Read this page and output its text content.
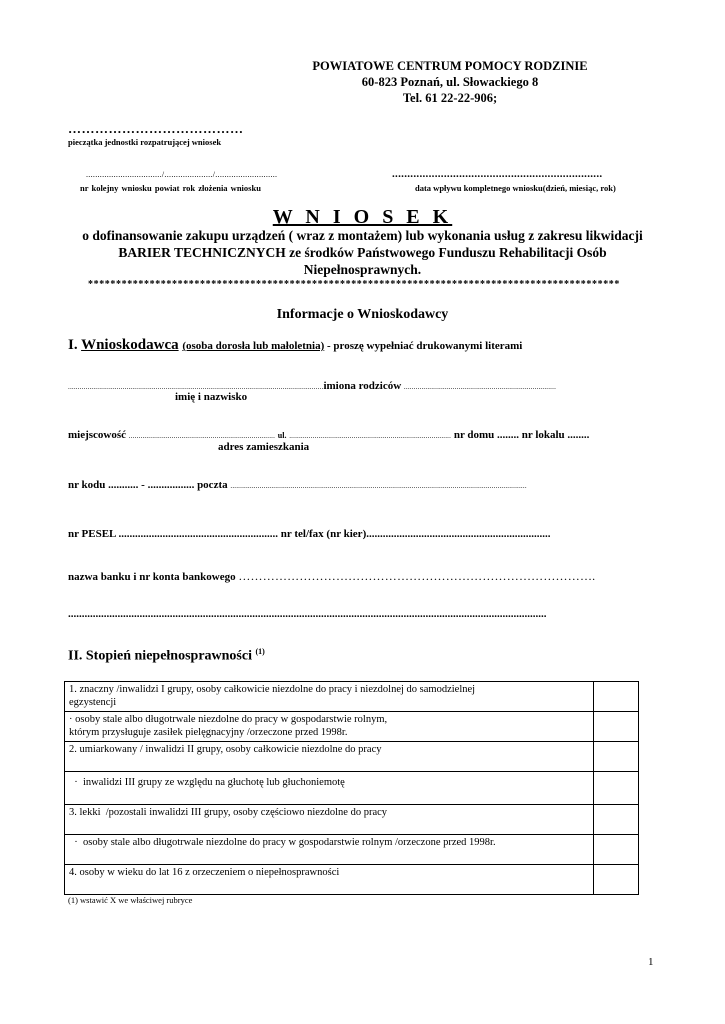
POWIATOWE CENTRUM POMOCY RODZINIE
60-823 Poznań, ul. Słowackiego 8
Tel. 61 22-22-906;
…………………………………
pieczątka jednostki rozpatrującej wniosek
................................./...................../...........................
nr kolejny wniosku powiat rok złożenia wniosku
.....................................................................
data wpływu kompletnego wniosku(dzień, miesiąc, rok)
W N I O S E K
o dofinansowanie zakupu urządzeń ( wraz z montażem) lub wykonania usług z zakresu likwidacji BARIER TECHNICZNYCH ze środków Państwowego Funduszu Rehabilitacji Osób Niepełnosprawnych.
***********************************************************************************************
Informacje o Wnioskodawcy
I. Wnioskodawca (osoba dorosła lub małoletnia) - proszę wypełniać drukowanymi literami
...................................................................................................................................imiona rodziców ..............................................................................
imię i nazwisko
miejscowość ........................................................................... ul. ................................................................................... nr domu ........ nr lokalu ........
adres zamieszkania
nr kodu ........... - ................. poczta ........................................................................................................................................................
nr PESEL .......................................................... nr tel/fax (nr kier)...................................................................
nazwa banku i nr konta bankowego …………………………………………………………………………….
..............................................................................................................................................................................
II. Stopień niepełnosprawności $^{(1)}$
1. znaczny /inwalidzi I grupy, osoby całkowicie niezdolne do pracy i niezdolnej do samodzielnej
egzystencji	
· osoby stale albo długotrwale niezdolne do pracy w gospodarstwie rolnym,
którym przysługuje zasiłek pielęgnacyjny /orzeczone przed 1998r.	
2. umiarkowany / inwalidzi II grupy, osoby całkowicie niezdolne do pracy	
·  inwalidzi III grupy ze względu na głuchotę lub głuchoniemotę	
3. lekki  /pozostali inwalidzi III grupy, osoby częściowo niezdolne do pracy	
·  osoby stale albo długotrwale niezdolne do pracy w gospodarstwie rolnym /orzeczone przed 1998r.	
4. osoby w wieku do lat 16 z orzeczeniem o niepełnosprawności	
(1) wstawić X we właściwej rubryce
1
